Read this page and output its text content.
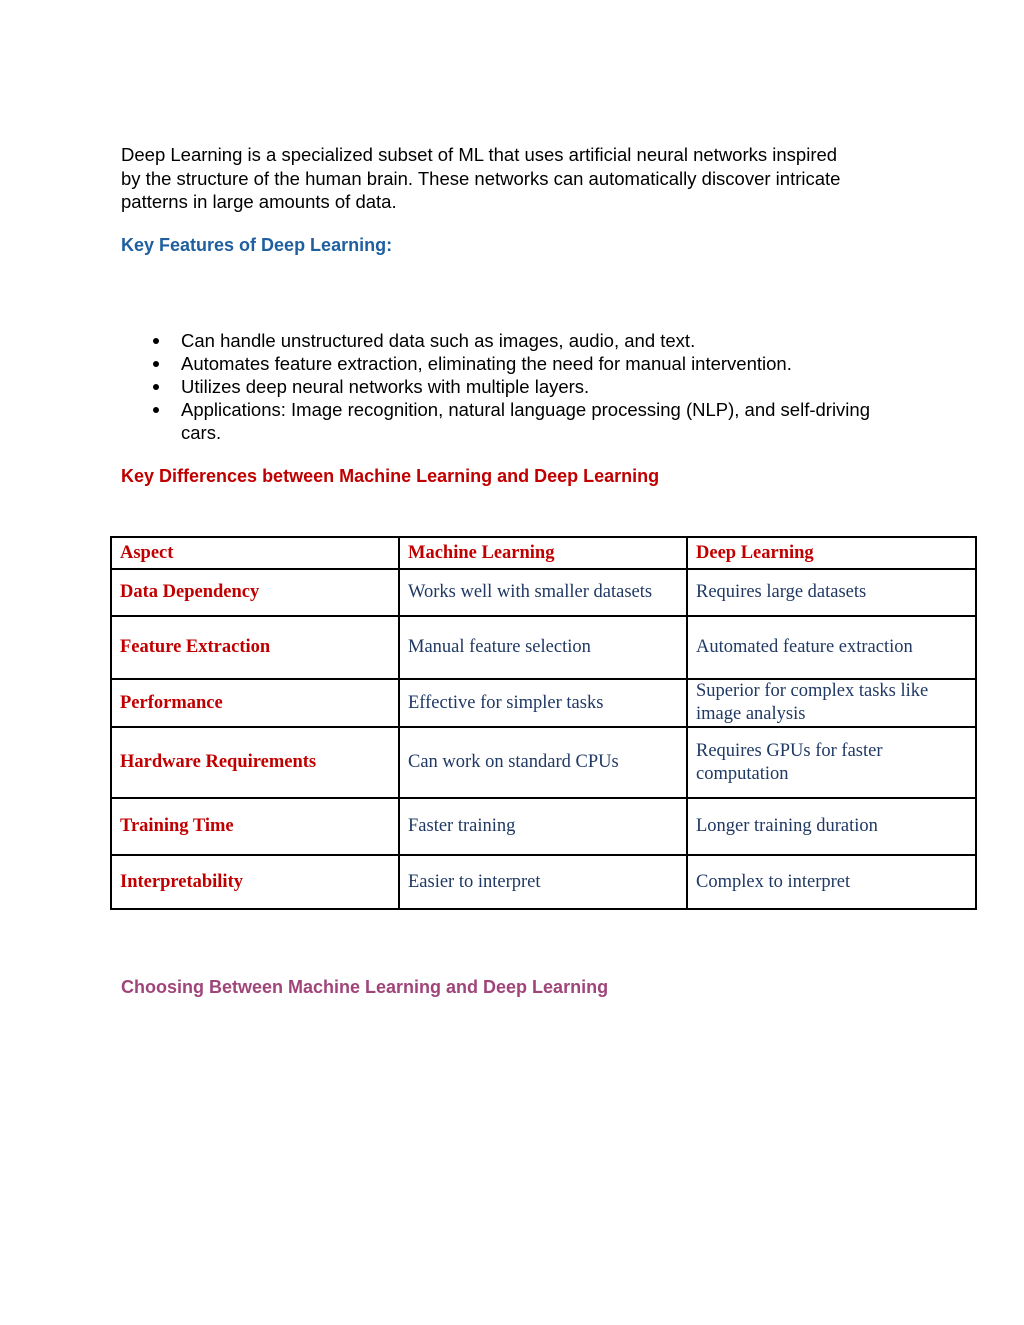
Deep Learning is a specialized subset of ML that uses artificial neural networks inspired
by the structure of the human brain. These networks can automatically discover intricate
patterns in large amounts of data.
Key Features of Deep Learning:
Can handle unstructured data such as images, audio, and text.
Automates feature extraction, eliminating the need for manual intervention.
Utilizes deep neural networks with multiple layers.
Applications: Image recognition, natural language processing (NLP), and self-driving cars.
Key Differences between Machine Learning and Deep Learning
Aspect	Machine Learning	Deep Learning
Data Dependency	Works well with smaller datasets	Requires large datasets
Feature Extraction	Manual feature selection	Automated feature extraction
Performance	Effective for simpler tasks	Superior for complex tasks like image analysis
Hardware Requirements	Can work on standard CPUs	Requires GPUs for faster computation
Training Time	Faster training	Longer training duration
Interpretability	Easier to interpret	Complex to interpret
Choosing Between Machine Learning and Deep Learning
